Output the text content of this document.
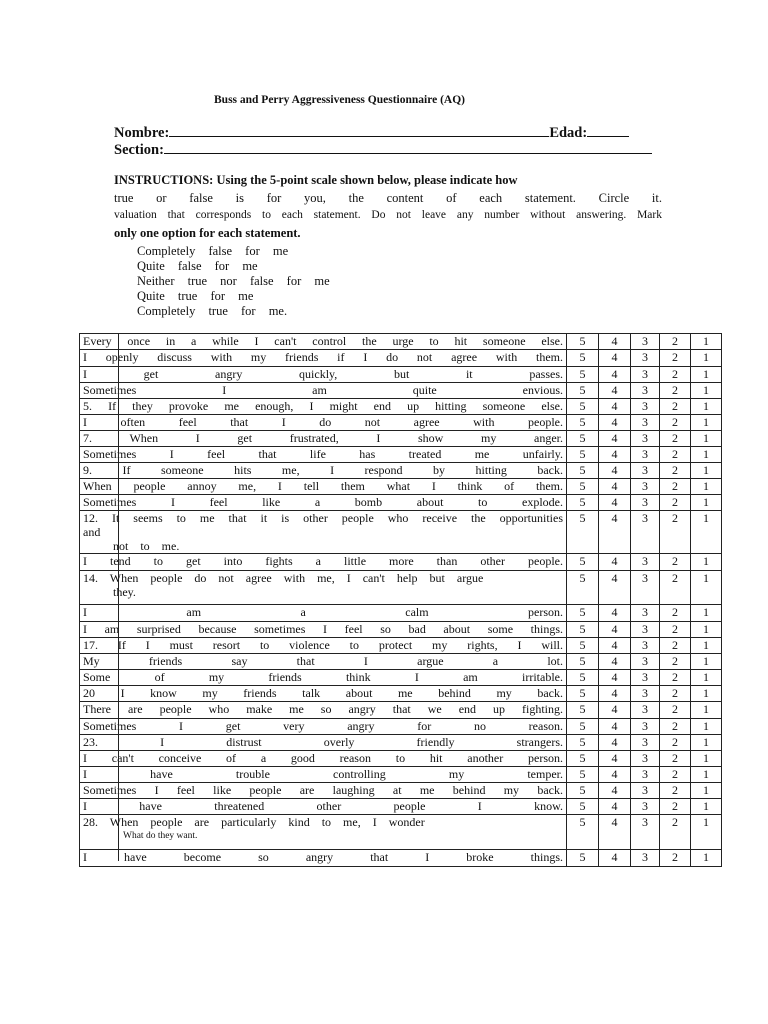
Buss and Perry Aggressiveness Questionnaire (AQ)
Nombre:	Edad:
Section:
INSTRUCTIONS: Using the 5-point scale shown below, please indicate how
true or false is for you, the content of each statement. Circle it.
valuation that corresponds to each statement. Do not leave any number without answering. Mark
only one option for each statement.
Completely false for me
Quite false for me
Neither true nor false for me
Quite true for me
Completely true for me.
Every once in a while I can't control the urge to hit someone else.	5	4	3	2	1
I openly discuss with my friends if I do not agree with them.	5	4	3	2	1
I get angry quickly, but it passes.	5	4	3	2	1
Sometimes I am quite envious.	5	4	3	2	1
5. If they provoke me enough, I might end up hitting someone else.	5	4	3	2	1
I often feel that I do not agree with people.	5	4	3	2	1
7. When I get frustrated, I show my anger.	5	4	3	2	1
Sometimes I feel that life has treated me unfairly.	5	4	3	2	1
9. If someone hits me, I respond by hitting back.	5	4	3	2	1
When people annoy me, I tell them what I think of them.	5	4	3	2	1
Sometimes I feel like a bomb about to explode.	5	4	3	2	1
12. It seems to me that it is other people who receive the opportunities and
not to me.	5	4	3	2	1
I tend to get into fights a little more than other people.	5	4	3	2	1
14. When people do not agree with me, I can't help but argue
they.	5	4	3	2	1
I am a calm person.	5	4	3	2	1
I am surprised because sometimes I feel so bad about some things.	5	4	3	2	1
17. If I must resort to violence to protect my rights, I will.	5	4	3	2	1
My friends say that I argue a lot.	5	4	3	2	1
Some of my friends think I am irritable.	5	4	3	2	1
20 I know my friends talk about me behind my back.	5	4	3	2	1
There are people who make me so angry that we end up fighting.	5	4	3	2	1
Sometimes I get very angry for no reason.	5	4	3	2	1
23. I distrust overly friendly strangers.	5	4	3	2	1
I can't conceive of a good reason to hit another person.	5	4	3	2	1
I have trouble controlling my temper.	5	4	3	2	1
Sometimes I feel like people are laughing at me behind my back.	5	4	3	2	1
I have threatened other people I know.	5	4	3	2	1
28. When people are particularly kind to me, I wonder
What do they want.	5	4	3	2	1
I have become so angry that I broke things.	5	4	3	2	1
